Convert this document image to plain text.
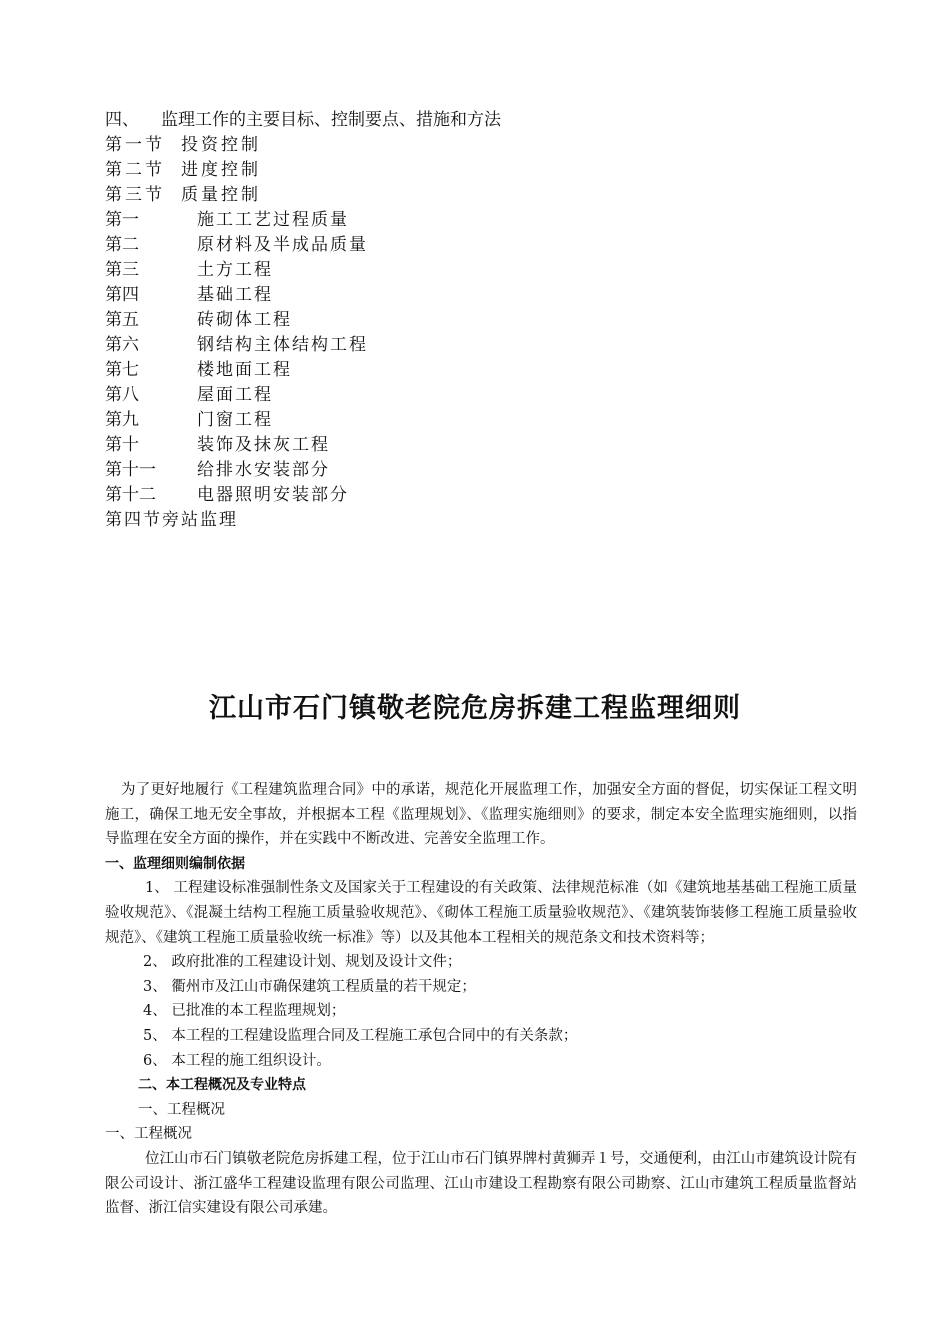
四、 监理工作的主要目标、控制要点、措施和方法
第一节 投资控制
第二节 进度控制
第三节 质量控制
第一	施工工艺过程质量
第二	原材料及半成品质量
第三	土方工程
第四	基础工程
第五	砖砌体工程
第六	钢结构主体结构工程
第七	楼地面工程
第八	屋面工程
第九	门窗工程
第十	装饰及抹灰工程
第十一 给排水安装部分
第十二 电器照明安装部分
第四节旁站监理
江山市石门镇敬老院危房拆建工程监理细则

为了更好地履行《工程建筑监理合同》中的承诺，规范化开展监理工作，加强安全方面的督促，切实保证工程文明施工，确保工地无安全事故，并根据本工程《监理规划》、《监理实施细则》的要求，制定本安全监理实施细则，以指导监理在安全方面的操作，并在实践中不断改进、完善安全监理工作。

一、监理细则编制依据

1、 工程建设标准强制性条文及国家关于工程建设的有关政策、法律规范标准（如《建筑地基基础工程施工质量验收规范》、《混凝土结构工程施工质量验收规范》、《砌体工程施工质量验收规范》、《建筑装饰装修工程施工质量验收规范》、《建筑工程施工质量验收统一标准》等）以及其他本工程相关的规范条文和技术资料等；

2、 政府批准的工程建设计划、规划及设计文件；

3、 衢州市及江山市确保建筑工程质量的若干规定；

4、 已批准的本工程监理规划；

5、 本工程的工程建设监理合同及工程施工承包合同中的有关条款；

6、 本工程的施工组织设计。

二、本工程概况及专业特点

一、工程概况

一、工程概况

位江山市石门镇敬老院危房拆建工程，位于江山市石门镇界牌村黄狮弄１号，交通便利，由江山市建筑设计院有限公司设计、浙江盛华工程建设监理有限公司监理、江山市建设工程勘察有限公司勘察、江山市建筑工程质量监督站监督、浙江信实建设有限公司承建。
